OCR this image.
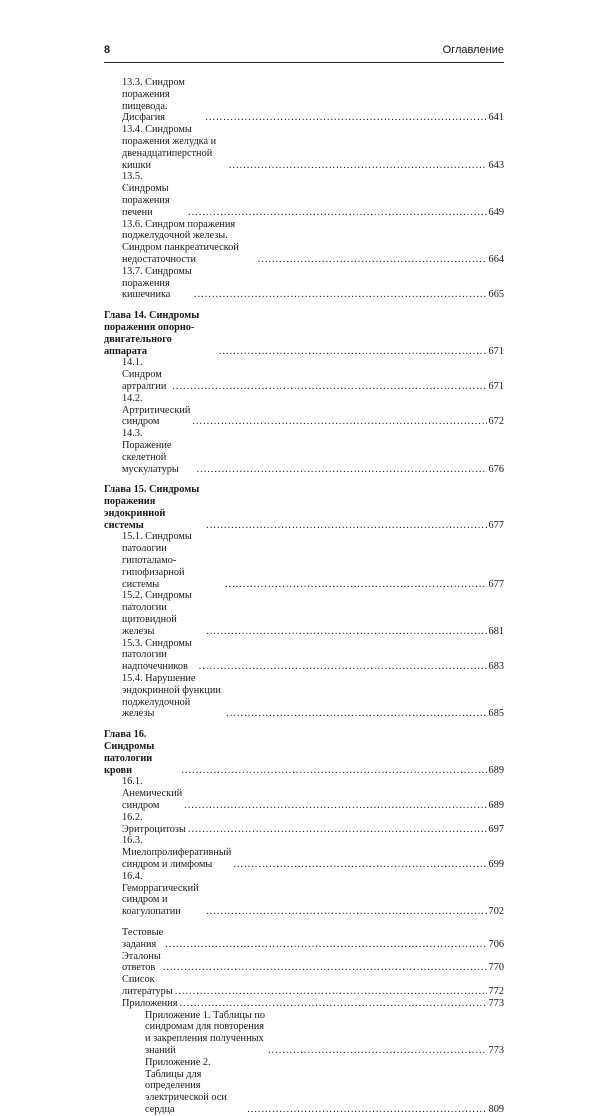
8	Оглавление
13.3. Синдром поражения пищевода. Дисфагия .....	641
13.4. Синдромы поражения желудка и двенадцатиперстной кишки .....	643
13.5. Синдромы поражения печени .....	649
13.6. Синдром поражения поджелудочной железы. Синдром панкреатической недостаточности .....	664
13.7. Синдромы поражения кишечника .....	665
Глава 14. Синдромы поражения опорно-двигательного аппарата .....	671
14.1. Синдром артралгии .....	671
14.2. Артритический синдром .....	672
14.3. Поражение скелетной мускулатуры .....	676
Глава 15. Синдромы поражения эндокринной системы .....	677
15.1. Синдромы патологии гипоталамо-гипофизарной системы .....	677
15.2. Синдромы патологии щитовидной железы .....	681
15.3. Синдромы патологии надпочечников .....	683
15.4. Нарушение эндокринной функции поджелудочной железы .....	685
Глава 16. Синдромы патологии крови .....	689
16.1. Анемический синдром .....	689
16.2. Эритроцитозы .....	697
16.3. Миелопролиферативный синдром и лимфомы .....	699
16.4. Геморрагический синдром и коагулопатии .....	702
Тестовые задания .....	706
Эталоны ответов .....	770
Список литературы .....	772
Приложения .....	773
Приложение 1. Таблицы по синдромам для повторения и закрепления полученных знаний .....	773
Приложение 2. Таблицы для определения электрической оси сердца .....	809
